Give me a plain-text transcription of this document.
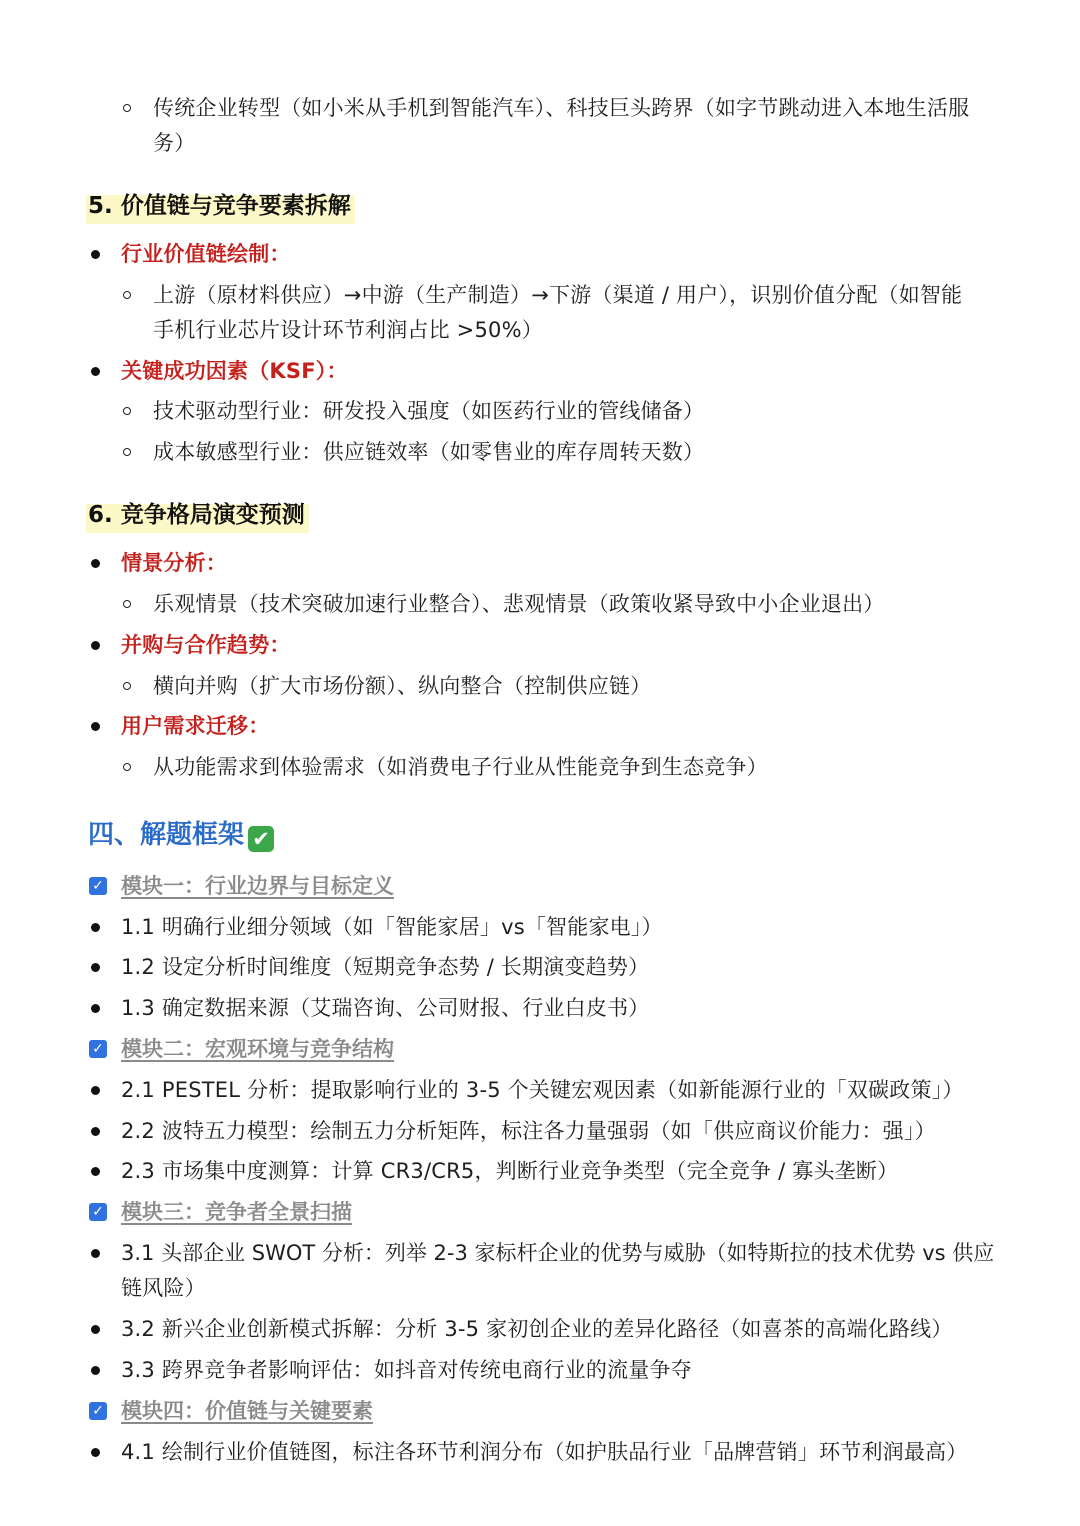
传统企业转型（如小米从手机到智能汽车）、科技巨头跨界（如字节跳动进入本地生活服
务）
5. 价值链与竞争要素拆解
行业价值链绘制：
上游（原材料供应）→中游（生产制造）→下游（渠道 / 用户），识别价值分配（如智能
手机行业芯片设计环节利润占比 >50%）
关键成功因素（KSF）：
技术驱动型行业：研发投入强度（如医药行业的管线储备）
成本敏感型行业：供应链效率（如零售业的库存周转天数）
6. 竞争格局演变预测
情景分析：
乐观情景（技术突破加速行业整合）、悲观情景（政策收紧导致中小企业退出）
并购与合作趋势：
横向并购（扩大市场份额）、纵向整合（控制供应链）
用户需求迁移：
从功能需求到体验需求（如消费电子行业从性能竞争到生态竞争）
四、解题框架 ✔
✓ 模块一：行业边界与目标定义
1.1 明确行业细分领域（如「智能家居」vs「智能家电」）
1.2 设定分析时间维度（短期竞争态势 / 长期演变趋势）
1.3 确定数据来源（艾瑞咨询、公司财报、行业白皮书）
✓ 模块二：宏观环境与竞争结构
2.1 PESTEL 分析：提取影响行业的 3-5 个关键宏观因素（如新能源行业的「双碳政策」）
2.2 波特五力模型：绘制五力分析矩阵，标注各力量强弱（如「供应商议价能力：强」）
2.3 市场集中度测算：计算 CR3/CR5，判断行业竞争类型（完全竞争 / 寡头垄断）
✓ 模块三：竞争者全景扫描
3.1 头部企业 SWOT 分析：列举 2-3 家标杆企业的优势与威胁（如特斯拉的技术优势 vs 供应
链风险）
3.2 新兴企业创新模式拆解：分析 3-5 家初创企业的差异化路径（如喜茶的高端化路线）
3.3 跨界竞争者影响评估：如抖音对传统电商行业的流量争夺
✓ 模块四：价值链与关键要素
4.1 绘制行业价值链图，标注各环节利润分布（如护肤品行业「品牌营销」环节利润最高）
